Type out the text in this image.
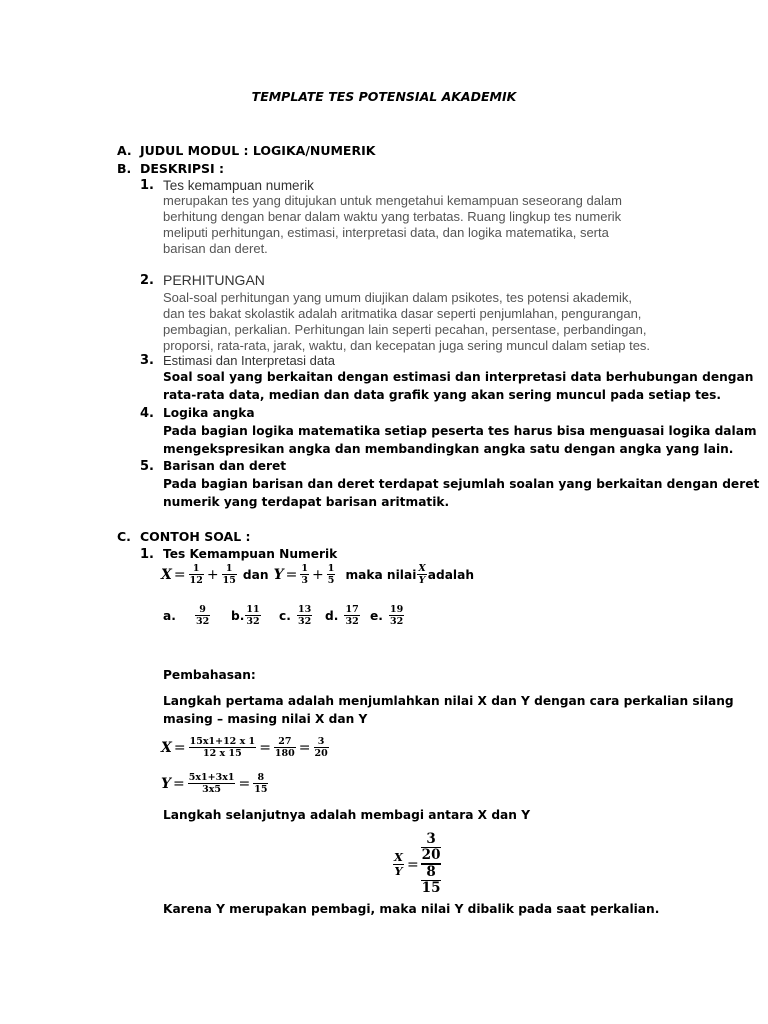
TEMPLATE TES POTENSIAL AKADEMIK
A. JUDUL MODUL : LOGIKA/NUMERIK
B. DESKRIPSI :
1. Tes kemampuan numerik
merupakan tes yang ditujukan untuk mengetahui kemampuan seseorang dalam
berhitung dengan benar dalam waktu yang terbatas. Ruang lingkup tes numerik
meliputi perhitungan, estimasi, interpretasi data, dan logika matematika, serta
barisan dan deret.
2. PERHITUNGAN
Soal-soal perhitungan yang umum diujikan dalam psikotes, tes potensi akademik,
dan tes bakat skolastik adalah aritmatika dasar seperti penjumlahan, pengurangan,
pembagian, perkalian. Perhitungan lain seperti pecahan, persentase, perbandingan,
proporsi, rata-rata, jarak, waktu, dan kecepatan juga sering muncul dalam setiap tes.
3. Estimasi dan Interpretasi data
Soal soal yang berkaitan dengan estimasi dan interpretasi data berhubungan dengan
rata-rata data, median dan data grafik yang akan sering muncul pada setiap tes.
4. Logika angka
Pada bagian logika matematika setiap peserta tes harus bisa menguasai logika dalam
mengekspresikan angka dan membandingkan angka satu dengan angka yang lain.
5. Barisan dan deret
Pada bagian barisan dan deret terdapat sejumlah soalan yang berkaitan dengan deret
numerik yang terdapat barisan aritmatik.
C. CONTOH SOAL :
1. Tes Kemampuan Numerik
$X = \frac{1}{12} + \frac{1}{15}$ dan $Y = \frac{1}{3} + \frac{1}{5}$ maka nilai $\frac{X}{Y}$ adalah
a. $\frac{9}{32} b$. $\frac{11}{32} c$. $\frac{13}{32} d$. $\frac{17}{32} e$. $\frac{19}{32}$
Pembahasan:
Langkah pertama adalah menjumlahkan nilai X dan Y dengan cara perkalian silang
masing – masing nilai X dan Y
$X = \frac{15x1+12 x 1}{12 x 15} = \frac{27}{180} = \frac{3}{20}$
$Y = \frac{5x1+3x1}{3x5} = \frac{8}{15}$
Langkah selanjutnya adalah membagi antara X dan Y
$\frac{X}{Y} = 3$
20
8
15
Karena Y merupakan pembagi, maka nilai Y dibalik pada saat perkalian.
